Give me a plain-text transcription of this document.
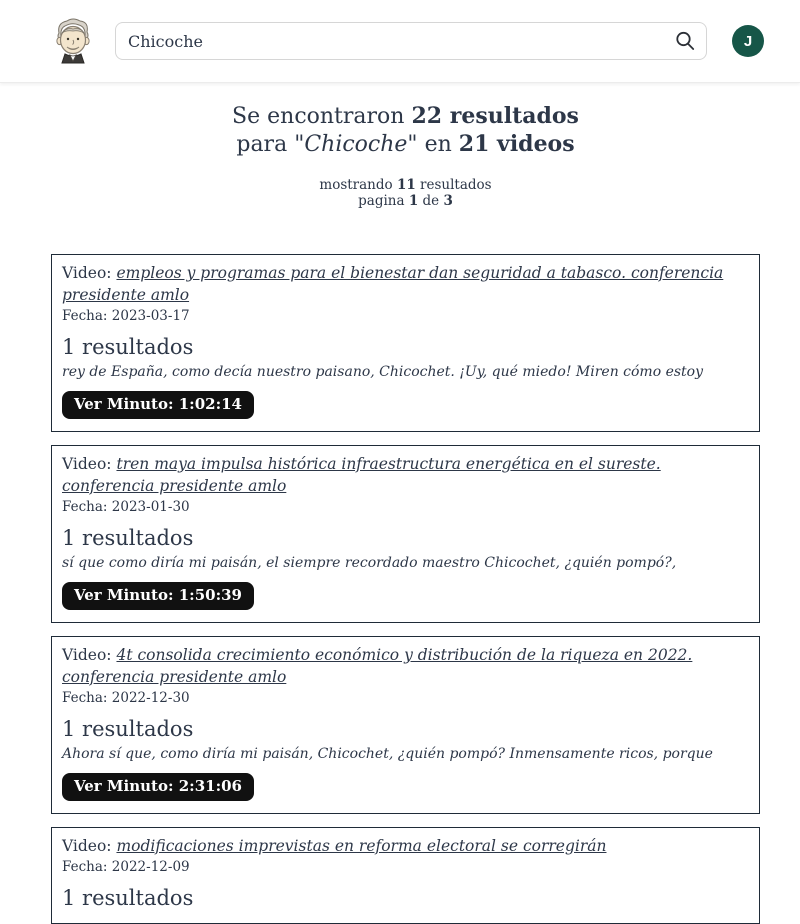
Chicoche
J
Se encontraron 22 resultados
para "Chicoche" en 21 videos
mostrando 11 resultados
pagina 1 de 3

Video: empleos y programas para el bienestar dan seguridad a tabasco. conferencia presidente amlo

Fecha: 2023-03-17

1 resultados

rey de España, como decía nuestro paisano, Chicochet. ¡Uy, qué miedo! Miren cómo estoy

Ver Minuto: 1:02:14

Video: tren maya impulsa histórica infraestructura energética en el sureste. conferencia presidente amlo

Fecha: 2023-01-30

1 resultados

sí que como diría mi paisán, el siempre recordado maestro Chicochet, ¿quién pompó?,

Ver Minuto: 1:50:39

Video: 4t consolida crecimiento económico y distribución de la riqueza en 2022. conferencia presidente amlo

Fecha: 2022-12-30

1 resultados

Ahora sí que, como diría mi paisán, Chicochet, ¿quién pompó? Inmensamente ricos, porque

Ver Minuto: 2:31:06

Video: modificaciones imprevistas en reforma electoral se corregirán

Fecha: 2022-12-09

1 resultados
